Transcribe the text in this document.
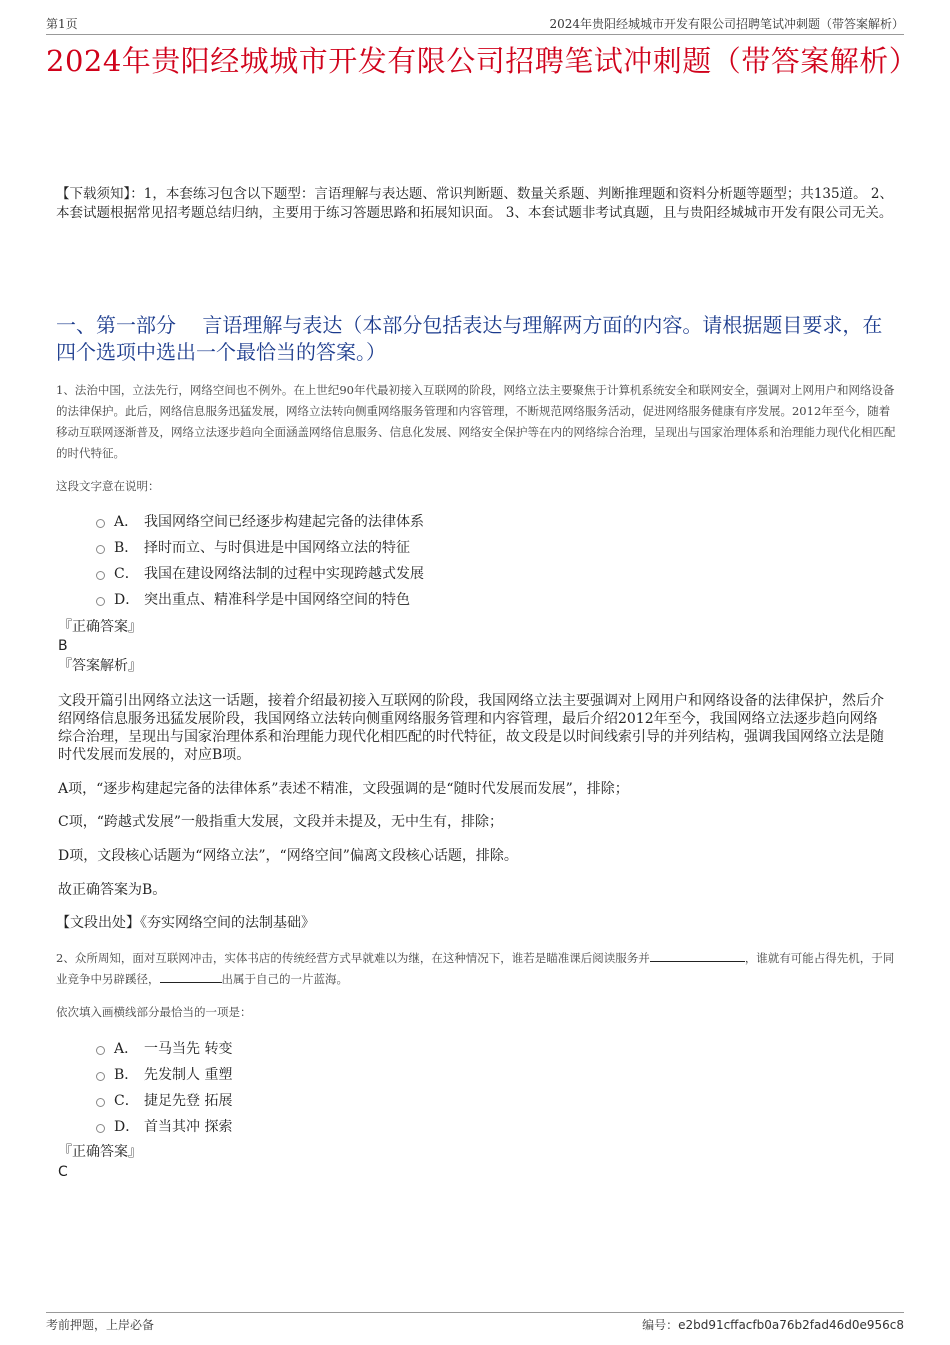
第1页	2024年贵阳经城城市开发有限公司招聘笔试冲刺题（带答案解析）
2024年贵阳经城城市开发有限公司招聘笔试冲刺题（带答案解析）
【下载须知】：1，本套练习包含以下题型：言语理解与表达题、常识判断题、数量关系题、判断推理题和资料分析题等题型；共135道。 2、本套试题根据常见招考题总结归纳，主要用于练习答题思路和拓展知识面。 3、本套试题非考试真题，且与贵阳经城城市开发有限公司无关。
一、第一部分　 言语理解与表达（本部分包括表达与理解两方面的内容。请根据题目要求，在四个选项中选出一个最恰当的答案。）
1、法治中国，立法先行，网络空间也不例外。在上世纪90年代最初接入互联网的阶段，网络立法主要聚焦于计算机系统安全和联网安全，强调对上网用户和网络设备的法律保护。此后，网络信息服务迅猛发展，网络立法转向侧重网络服务管理和内容管理，不断规范网络服务活动，促进网络服务健康有序发展。2012年至今，随着移动互联网逐渐普及，网络立法逐步趋向全面涵盖网络信息服务、信息化发展、网络安全保护等在内的网络综合治理，呈现出与国家治理体系和治理能力现代化相匹配的时代特征。
这段文字意在说明：
A． 我国网络空间已经逐步构建起完备的法律体系
B． 择时而立、与时俱进是中国网络立法的特征
C． 我国在建设网络法制的过程中实现跨越式发展
D． 突出重点、精准科学是中国网络空间的特色
『正确答案』
B
『答案解析』
文段开篇引出网络立法这一话题，接着介绍最初接入互联网的阶段，我国网络立法主要强调对上网用户和网络设备的法律保护，然后介绍网络信息服务迅猛发展阶段，我国网络立法转向侧重网络服务管理和内容管理，最后介绍2012年至今，我国网络立法逐步趋向网络综合治理，呈现出与国家治理体系和治理能力现代化相匹配的时代特征，故文段是以时间线索引导的并列结构，强调我国网络立法是随时代发展而发展的，对应B项。
A项，“逐步构建起完备的法律体系”表述不精准，文段强调的是“随时代发展而发展”，排除；
C项，“跨越式发展”一般指重大发展，文段并未提及，无中生有，排除；
D项，文段核心话题为“网络立法”，“网络空间”偏离文段核心话题，排除。
故正确答案为B。
【文段出处】《夯实网络空间的法制基础》
2、众所周知，面对互联网冲击，实体书店的传统经营方式早就难以为继，在这种情况下，谁若是瞄准课后阅读服务并	，谁就有可能占得先机，于同业竞争中另辟蹊径，	出属于自己的一片蓝海。
依次填入画横线部分最恰当的一项是：
A． 一马当先 转变
B． 先发制人 重塑
C． 捷足先登 拓展
D． 首当其冲 探索
『正确答案』
C
考前押题，上岸必备	编号：e2bd91cffacfb0a76b2fad46d0e956c8
